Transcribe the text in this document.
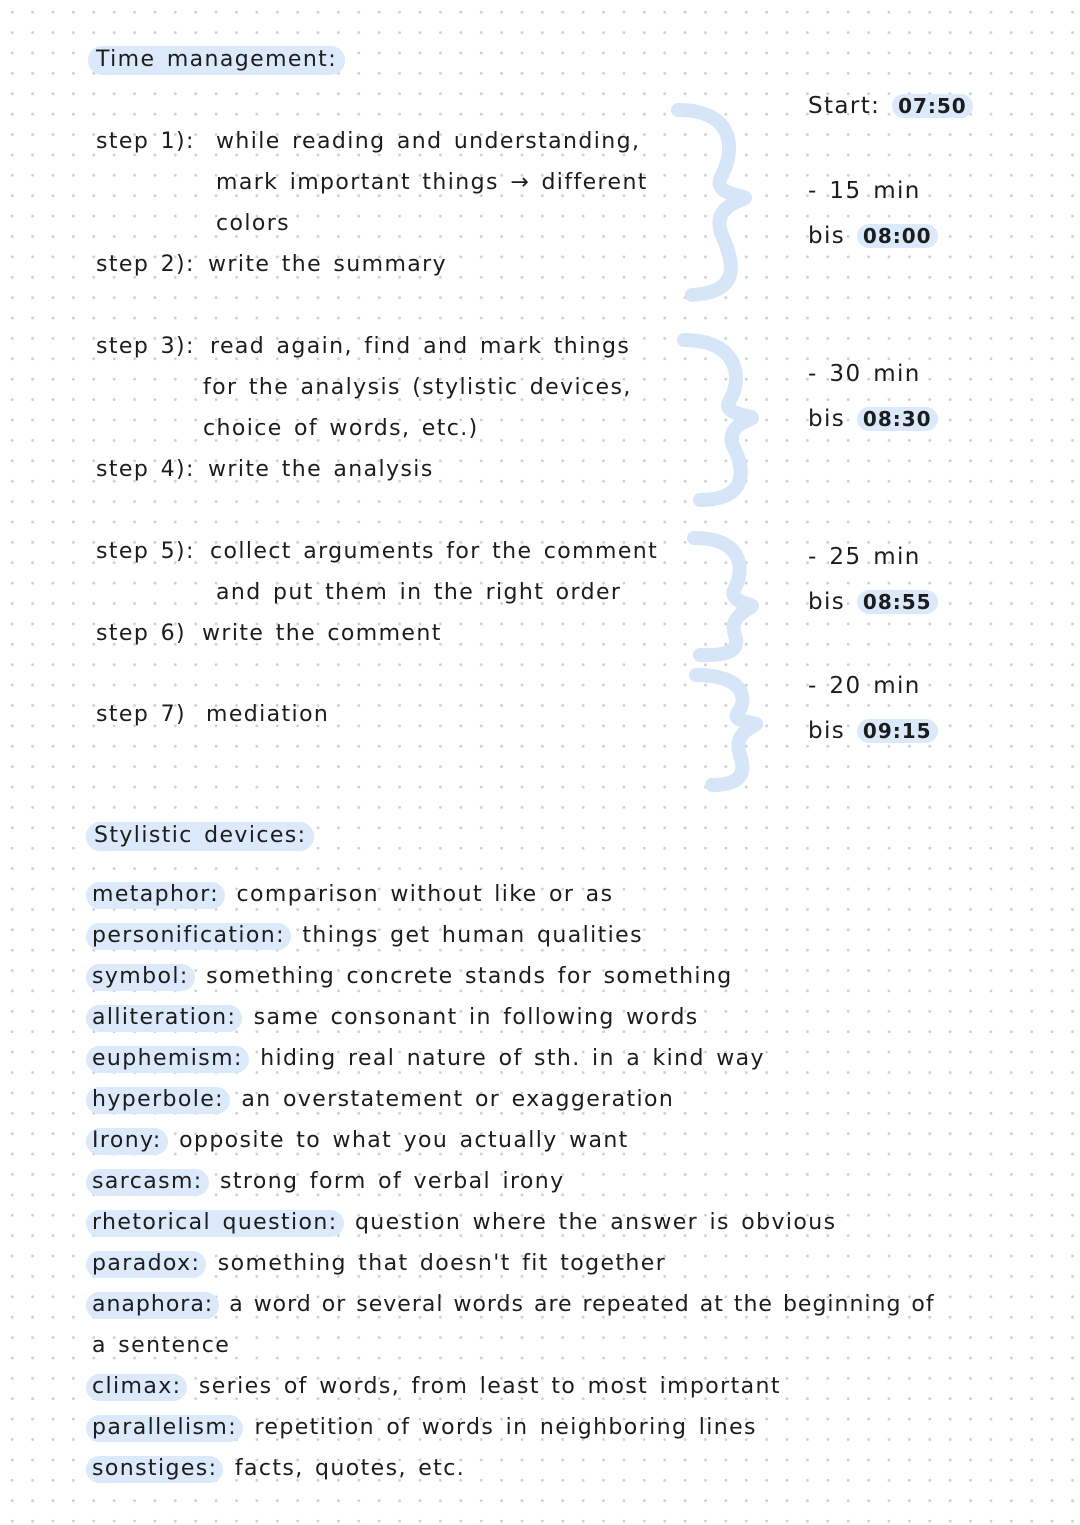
Time management:
step 1): while reading and understanding,
mark important things → different
colors
step 2): write the summary
step 3): read again, find and mark things
for the analysis (stylistic devices,
choice of words, etc.)
step 4): write the analysis
step 5): collect arguments for the comment
and put them in the right order
step 6) write the comment
step 7) mediation
Start: 07:50
- 15 min
bis 08:00
- 30 min
bis 08:30
- 25 min
bis 08:55
- 20 min
bis 09:15
Stylistic devices:
metaphor: comparison without like or as
personification: things get human qualities
symbol: something concrete stands for something
alliteration: same consonant in following words
euphemism: hiding real nature of sth. in a kind way
hyperbole: an overstatement or exaggeration
Irony: opposite to what you actually want
sarcasm: strong form of verbal irony
rhetorical question: question where the answer is obvious
paradox: something that doesn't fit together
anaphora: a word or several words are repeated at the beginning of
a sentence
climax: series of words, from least to most important
parallelism: repetition of words in neighboring lines
sonstiges: facts, quotes, etc.
